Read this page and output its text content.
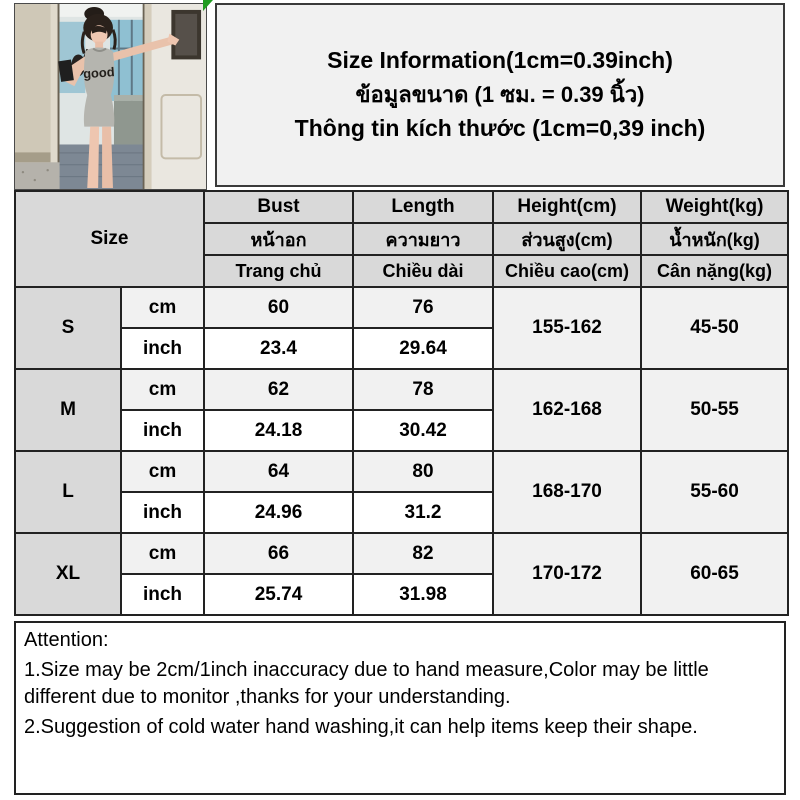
good	Size Information(1cm=0.39inch)
ข้อมูลขนาด (1 ซม. = 0.39 นิ้ว)
Thông tin kích thước (1cm=0,39 inch)
Size		Bust	Length	Height(cm)	Weight(kg)
		หน้าอก	ความยาว	ส่วนสูง(cm)	น้ำหนัก(kg)
		Trang chủ	Chiều dài	Chiều cao(cm)	Cân nặng(kg)
S	cm	60	76	155-162	45-50
	inch	23.4	29.64		
M	cm	62	78	162-168	50-55
	inch	24.18	30.42		
L	cm	64	80	168-170	55-60
	inch	24.96	31.2		
XL	cm	66	82	170-172	60-65
	inch	25.74	31.98		
Attention:
1.Size may be 2cm/1inch inaccuracy due to hand measure,Color may be little different due to monitor ,thanks for your understanding.
2.Suggestion of cold water hand washing,it can help items keep their shape.
